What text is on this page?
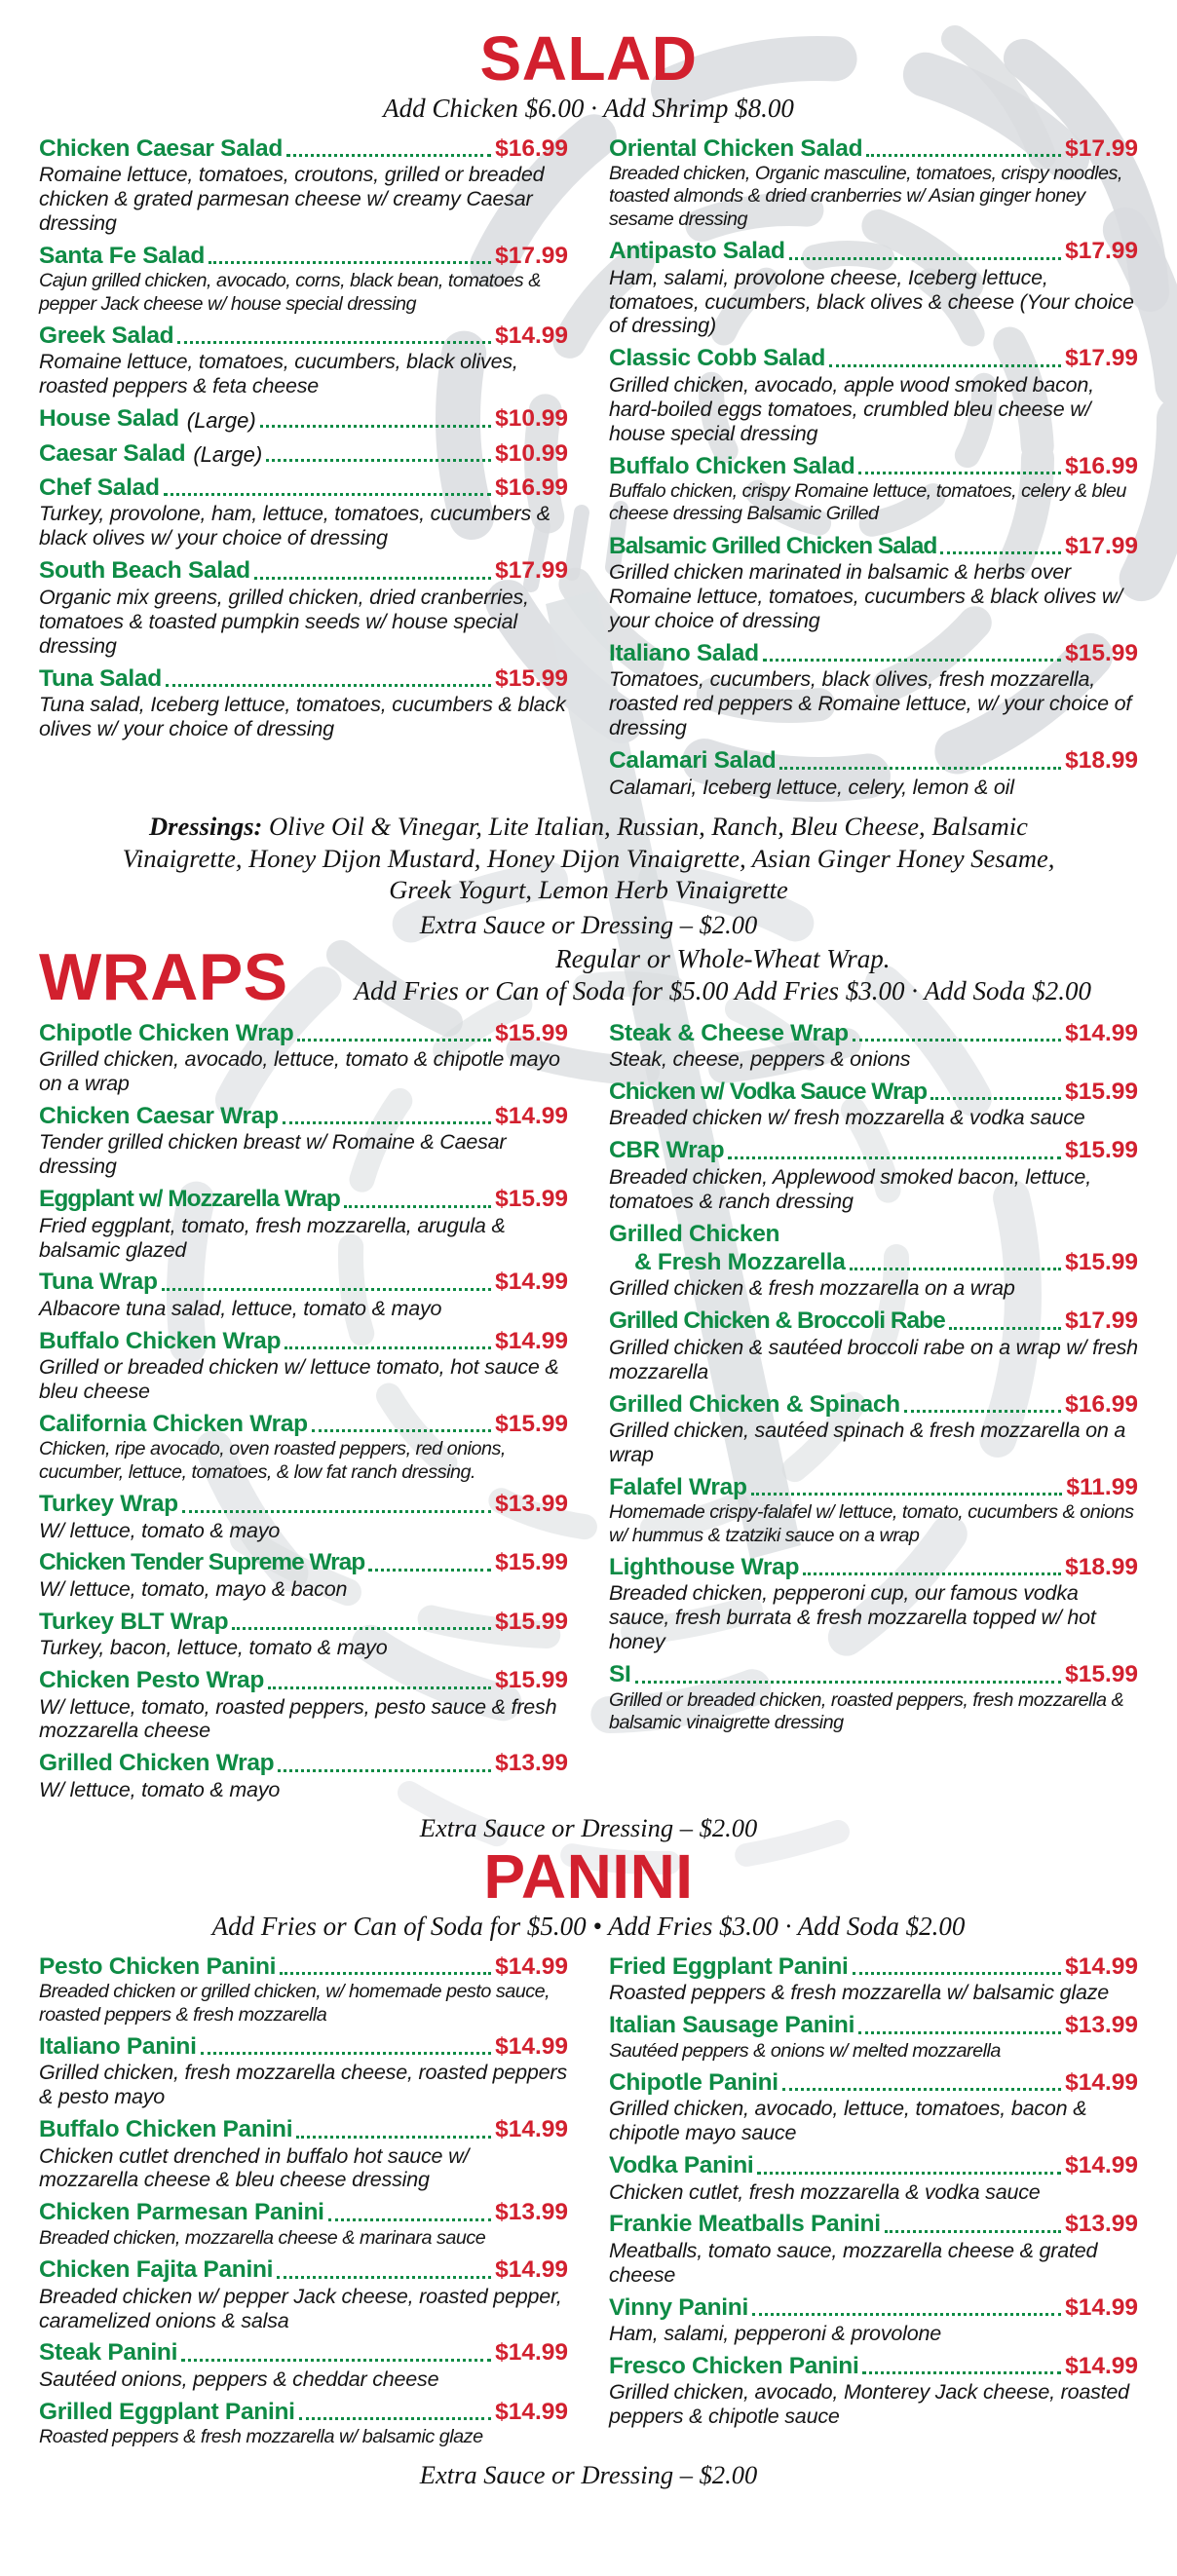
SALAD
Add Chicken $6.00 · Add Shrimp $8.00
Chicken Caesar Salad	$16.99
Romaine lettuce, tomatoes, croutons, grilled or breaded chicken & grated parmesan cheese w/ creamy Caesar dressing
Santa Fe Salad	$17.99
Cajun grilled chicken, avocado, corns, black bean, tomatoes & pepper Jack cheese w/ house special dressing
Greek Salad	$14.99
Romaine lettuce, tomatoes, cucumbers, black olives, roasted peppers & feta cheese
House Salad (Large)	$10.99
Caesar Salad (Large)	$10.99
Chef Salad	$16.99
Turkey, provolone, ham, lettuce, tomatoes, cucumbers & black olives w/ your choice of dressing
South Beach Salad	$17.99
Organic mix greens, grilled chicken, dried cranberries, tomatoes & toasted pumpkin seeds w/ house special dressing
Tuna Salad	$15.99
Tuna salad, Iceberg lettuce, tomatoes, cucumbers & black olives w/ your choice of dressing
Oriental Chicken Salad	$17.99
Breaded chicken, Organic masculine, tomatoes, crispy noodles, toasted almonds & dried cranberries w/ Asian ginger honey sesame dressing
Antipasto Salad	$17.99
Ham, salami, provolone cheese, Iceberg lettuce, tomatoes, cucumbers, black olives & cheese (Your choice of dressing)
Classic Cobb Salad	$17.99
Grilled chicken, avocado, apple wood smoked bacon, hard-boiled eggs tomatoes, crumbled bleu cheese w/ house special dressing
Buffalo Chicken Salad	$16.99
Buffalo chicken, crispy Romaine lettuce, tomatoes, celery & bleu cheese dressing Balsamic Grilled
Balsamic Grilled Chicken Salad	$17.99
Grilled chicken marinated in balsamic & herbs over Romaine lettuce, tomatoes, cucumbers & black olives w/ your choice of dressing
Italiano Salad	$15.99
Tomatoes, cucumbers, black olives, fresh mozzarella, roasted red peppers & Romaine lettuce, w/ your choice of dressing
Calamari Salad	$18.99
Calamari, Iceberg lettuce, celery, lemon & oil
Dressings: Olive Oil & Vinegar, Lite Italian, Russian, Ranch, Bleu Cheese, Balsamic Vinaigrette, Honey Dijon Mustard, Honey Dijon Vinaigrette, Asian Ginger Honey Sesame, Greek Yogurt, Lemon Herb Vinaigrette
Extra Sauce or Dressing – $2.00
WRAPS	Regular or Whole-Wheat Wrap.
Add Fries or Can of Soda for $5.00 Add Fries $3.00 · Add Soda $2.00
Chipotle Chicken Wrap	$15.99
Grilled chicken, avocado, lettuce, tomato & chipotle mayo on a wrap
Chicken Caesar Wrap	$14.99
Tender grilled chicken breast w/ Romaine & Caesar dressing
Eggplant w/ Mozzarella Wrap	$15.99
Fried eggplant, tomato, fresh mozzarella, arugula & balsamic glazed
Tuna Wrap	$14.99
Albacore tuna salad, lettuce, tomato & mayo
Buffalo Chicken Wrap	$14.99
Grilled or breaded chicken w/ lettuce tomato, hot sauce & bleu cheese
California Chicken Wrap	$15.99
Chicken, ripe avocado, oven roasted peppers, red onions, cucumber, lettuce, tomatoes, & low fat ranch dressing.
Turkey Wrap	$13.99
W/ lettuce, tomato & mayo
Chicken Tender Supreme Wrap	$15.99
W/ lettuce, tomato, mayo & bacon
Turkey BLT Wrap	$15.99
Turkey, bacon, lettuce, tomato & mayo
Chicken Pesto Wrap	$15.99
W/ lettuce, tomato, roasted peppers, pesto sauce & fresh mozzarella cheese
Grilled Chicken Wrap	$13.99
W/ lettuce, tomato & mayo
Steak & Cheese Wrap	$14.99
Steak, cheese, peppers & onions
Chicken w/ Vodka Sauce Wrap	$15.99
Breaded chicken w/ fresh mozzarella & vodka sauce
CBR Wrap	$15.99
Breaded chicken, Applewood smoked bacon, lettuce, tomatoes & ranch dressing
Grilled Chicken
& Fresh Mozzarella	$15.99
Grilled chicken & fresh mozzarella on a wrap
Grilled Chicken & Broccoli Rabe	$17.99
Grilled chicken & sautéed broccoli rabe on a wrap w/ fresh mozzarella
Grilled Chicken & Spinach	$16.99
Grilled chicken, sautéed spinach & fresh mozzarella on a wrap
Falafel Wrap	$11.99
Homemade crispy-falafel w/ lettuce, tomato, cucumbers & onions w/ hummus & tzatziki sauce on a wrap
Lighthouse Wrap	$18.99
Breaded chicken, pepperoni cup, our famous vodka sauce, fresh burrata & fresh mozzarella topped w/ hot honey
SI	$15.99
Grilled or breaded chicken, roasted peppers, fresh mozzarella & balsamic vinaigrette dressing
Extra Sauce or Dressing – $2.00
PANINI
Add Fries or Can of Soda for $5.00 • Add Fries $3.00 · Add Soda $2.00
Pesto Chicken Panini	$14.99
Breaded chicken or grilled chicken, w/ homemade pesto sauce, roasted peppers & fresh mozzarella
Italiano Panini	$14.99
Grilled chicken, fresh mozzarella cheese, roasted peppers & pesto mayo
Buffalo Chicken Panini	$14.99
Chicken cutlet drenched in buffalo hot sauce w/ mozzarella cheese & bleu cheese dressing
Chicken Parmesan Panini	$13.99
Breaded chicken, mozzarella cheese & marinara sauce
Chicken Fajita Panini	$14.99
Breaded chicken w/ pepper Jack cheese, roasted pepper, caramelized onions & salsa
Steak Panini	$14.99
Sautéed onions, peppers & cheddar cheese
Grilled Eggplant Panini	$14.99
Roasted peppers & fresh mozzarella w/ balsamic glaze
Fried Eggplant Panini	$14.99
Roasted peppers & fresh mozzarella w/ balsamic glaze
Italian Sausage Panini	$13.99
Sautéed peppers & onions w/ melted mozzarella
Chipotle Panini	$14.99
Grilled chicken, avocado, lettuce, tomatoes, bacon & chipotle mayo sauce
Vodka Panini	$14.99
Chicken cutlet, fresh mozzarella & vodka sauce
Frankie Meatballs Panini	$13.99
Meatballs, tomato sauce, mozzarella cheese & grated cheese
Vinny Panini	$14.99
Ham, salami, pepperoni & provolone
Fresco Chicken Panini	$14.99
Grilled chicken, avocado, Monterey Jack cheese, roasted peppers & chipotle sauce
Extra Sauce or Dressing – $2.00
